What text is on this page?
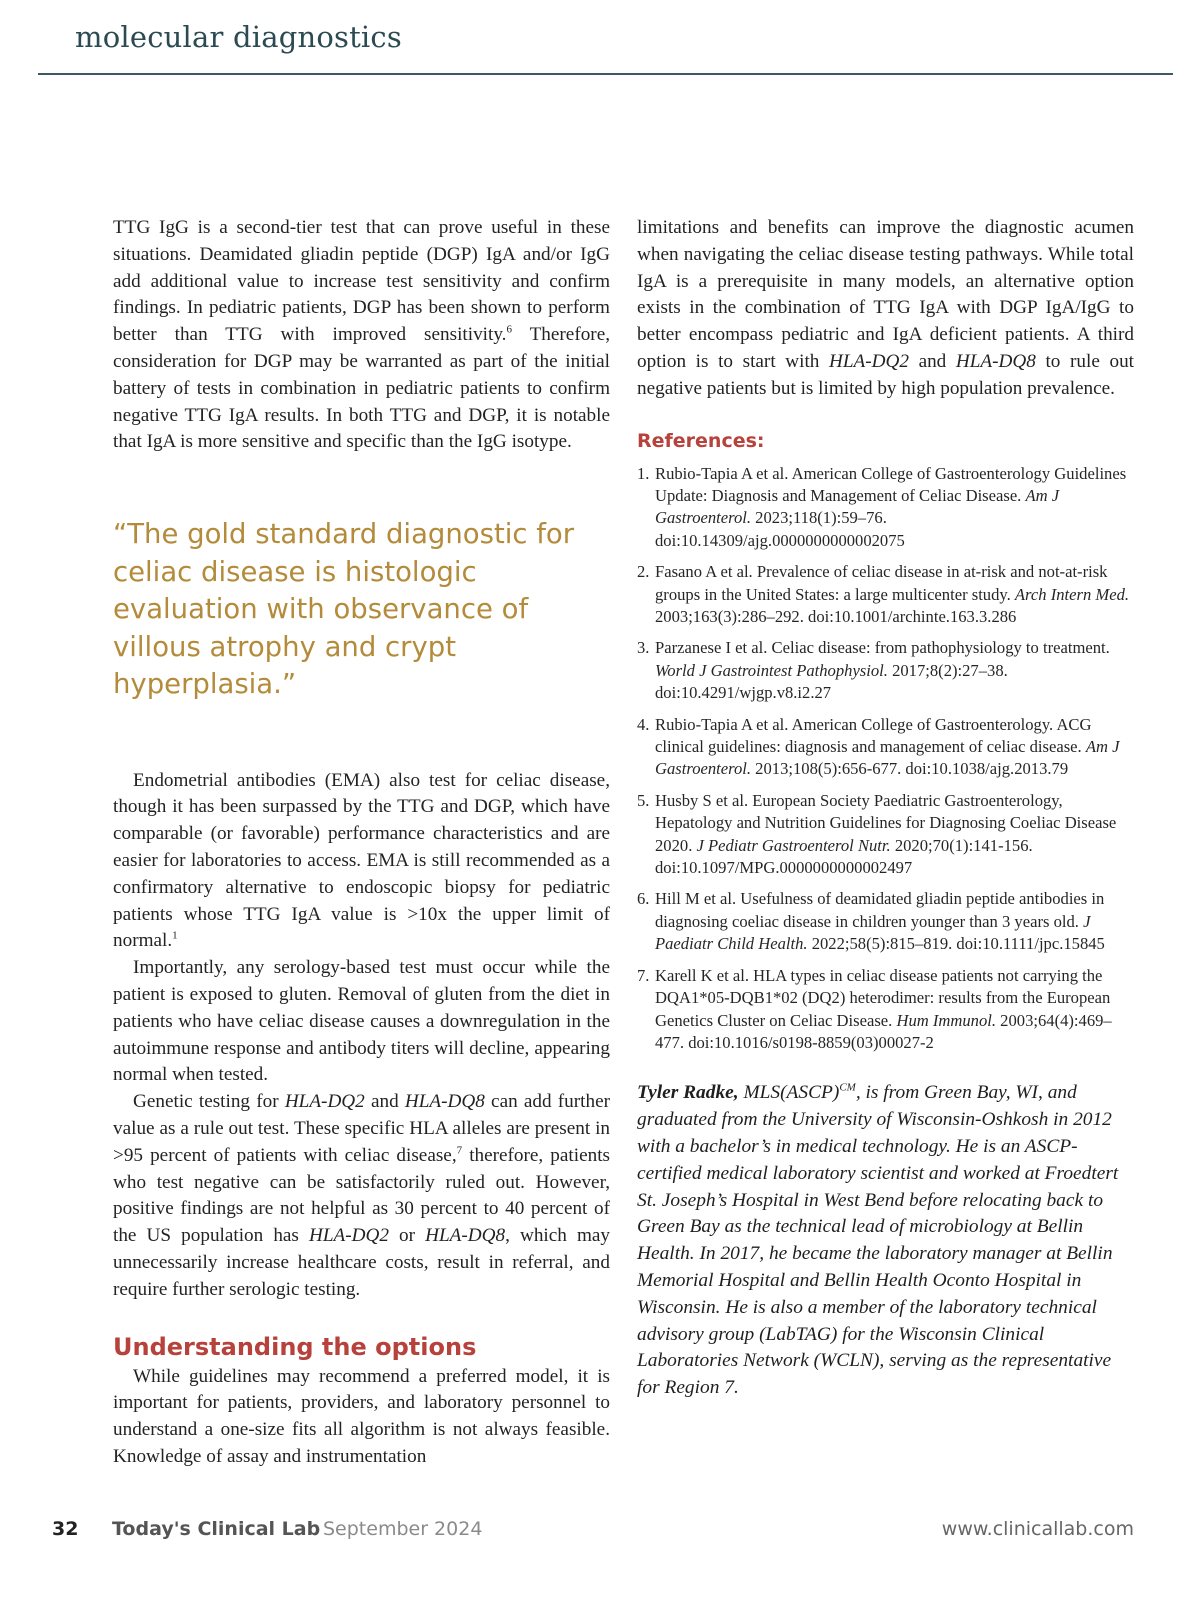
molecular diagnostics

TTG IgG is a second-tier test that can prove useful in these situations. Deamidated gliadin peptide (DGP) IgA and/or IgG add additional value to increase test sensitivity and confirm findings. In pediatric patients, DGP has been shown to perform better than TTG with improved sensitivity.$^6$ Therefore, consideration for DGP may be warranted as part of the initial battery of tests in combination in pediatric patients to confirm negative TTG IgA results. In both TTG and DGP, it is notable that IgA is more sensitive and specific than the IgG isotype.

“The gold standard diagnostic for celiac disease is histologic evaluation with observance of villous atrophy and crypt hyperplasia.”

Endometrial antibodies (EMA) also test for celiac disease, though it has been surpassed by the TTG and DGP, which have comparable (or favorable) performance characteristics and are easier for laboratories to access. EMA is still recommended as a confirmatory alternative to endoscopic biopsy for pediatric patients whose TTG IgA value is >10x the upper limit of normal.$^1$

Importantly, any serology-based test must occur while the patient is exposed to gluten. Removal of gluten from the diet in patients who have celiac disease causes a downregulation in the autoimmune response and antibody titers will decline, appearing normal when tested.

Genetic testing for HLA-DQ2 and HLA-DQ8 can add further value as a rule out test. These specific HLA alleles are present in >95 percent of patients with celiac disease,$^7$ therefore, patients who test negative can be satisfactorily ruled out. However, positive findings are not helpful as 30 percent to 40 percent of the US population has HLA-DQ2 or HLA-DQ8, which may unnecessarily increase healthcare costs, result in referral, and require further serologic testing.

Understanding the options

While guidelines may recommend a preferred model, it is important for patients, providers, and laboratory personnel to understand a one-size fits all algorithm is not always feasible. Knowledge of assay and instrumentation

limitations and benefits can improve the diagnostic acumen when navigating the celiac disease testing pathways. While total IgA is a prerequisite in many models, an alternative option exists in the combination of TTG IgA with DGP IgA/IgG to better encompass pediatric and IgA deficient patients. A third option is to start with HLA-DQ2 and HLA-DQ8 to rule out negative patients but is limited by high population prevalence.

References:
1. Rubio-Tapia A et al. American College of Gastroenterology Guidelines Update: Diagnosis and Management of Celiac Disease. Am J Gastroenterol. 2023;118(1):59–76. doi:10.14309/ajg.0000000000002075
2. Fasano A et al. Prevalence of celiac disease in at-risk and not-at-risk groups in the United States: a large multicenter study. Arch Intern Med. 2003;163(3):286–292. doi:10.1001/archinte.163.3.286
3. Parzanese I et al. Celiac disease: from pathophysiology to treatment. World J Gastrointest Pathophysiol. 2017;8(2):27–38. doi:10.4291/wjgp.v8.i2.27
4. Rubio-Tapia A et al. American College of Gastroenterology. ACG clinical guidelines: diagnosis and management of celiac disease. Am J Gastroenterol. 2013;108(5):656-677. doi:10.1038/ajg.2013.79
5. Husby S et al. European Society Paediatric Gastroenterology, Hepatology and Nutrition Guidelines for Diagnosing Coeliac Disease 2020. J Pediatr Gastroenterol Nutr. 2020;70(1):141-156. doi:10.1097/MPG.0000000000002497
6. Hill M et al. Usefulness of deamidated gliadin peptide antibodies in diagnosing coeliac disease in children younger than 3 years old. J Paediatr Child Health. 2022;58(5):815–819. doi:10.1111/jpc.15845
7. Karell K et al. HLA types in celiac disease patients not carrying the DQA1*05-DQB1*02 (DQ2) heterodimer: results from the European Genetics Cluster on Celiac Disease. Hum Immunol. 2003;64(4):469–477. doi:10.1016/s0198-8859(03)00027-2

Tyler Radke, MLS(ASCP)$^{CM}$, is from Green Bay, WI, and graduated from the University of Wisconsin-Oshkosh in 2012 with a bachelor’s in medical technology. He is an ASCP-certified medical laboratory scientist and worked at Froedtert St. Joseph’s Hospital in West Bend before relocating back to Green Bay as the technical lead of microbiology at Bellin Health. In 2017, he became the laboratory manager at Bellin Memorial Hospital and Bellin Health Oconto Hospital in Wisconsin. He is also a member of the laboratory technical advisory group (LabTAG) for the Wisconsin Clinical Laboratories Network (WCLN), serving as the representative for Region 7.

32 Today's Clinical Lab September 2024	www.clinicallab.com
